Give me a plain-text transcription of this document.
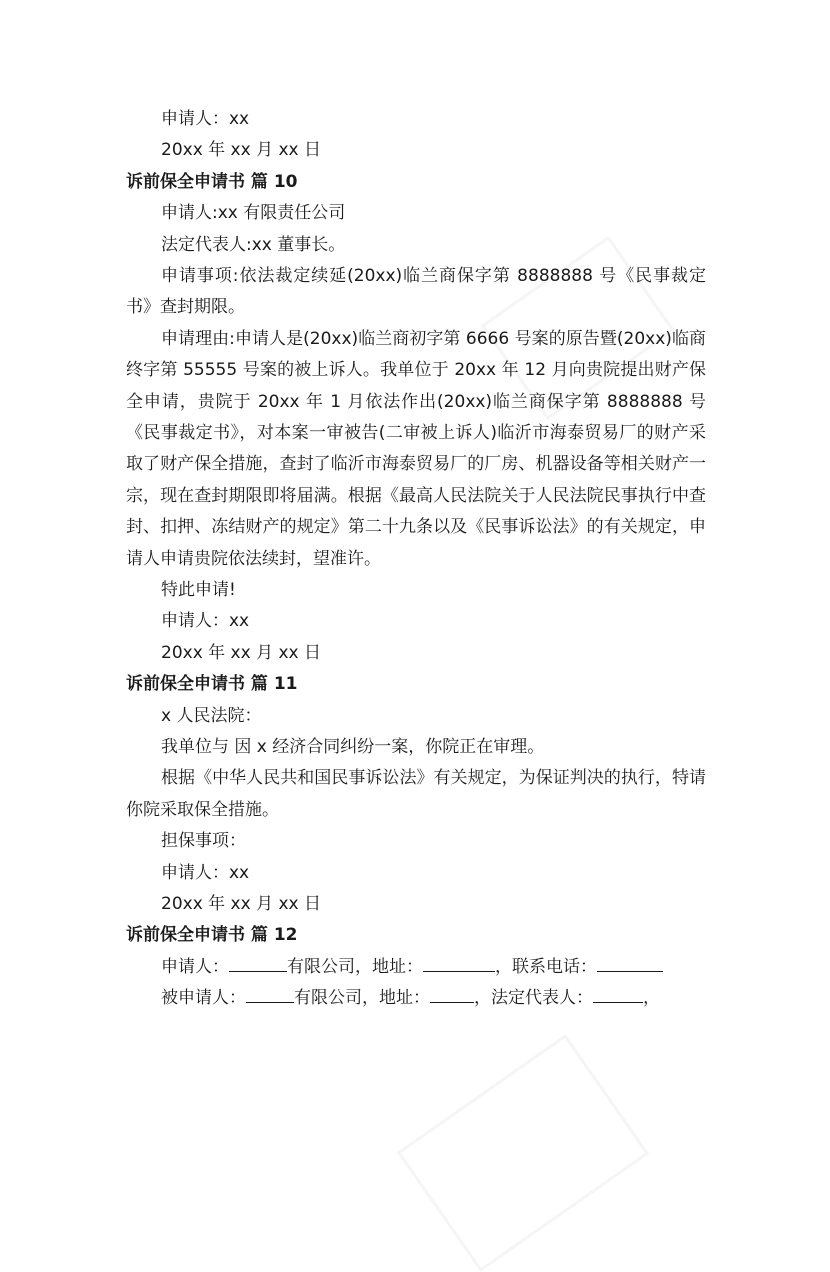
申请人：xx
20xx 年 xx 月 xx 日
诉前保全申请书 篇 10
申请人:xx 有限责任公司
法定代表人:xx 董事长。

申请事项:依法裁定续延(20xx)临兰商保字第 8888888 号《民事裁定书》查封期限。

申请理由:申请人是(20xx)临兰商初字第 6666 号案的原告暨(20xx)临商终字第 55555 号案的被上诉人。我单位于 20xx 年 12 月向贵院提出财产保全申请，贵院于 20xx 年 1 月依法作出(20xx)临兰商保字第 8888888 号《民事裁定书》，对本案一审被告(二审被上诉人)临沂市海泰贸易厂的财产采取了财产保全措施，查封了临沂市海泰贸易厂的厂房、机器设备等相关财产一宗，现在查封期限即将届满。根据《最高人民法院关于人民法院民事执行中查封、扣押、冻结财产的规定》第二十九条以及《民事诉讼法》的有关规定，申请人申请贵院依法续封，望准许。

特此申请!
申请人：xx
20xx 年 xx 月 xx 日
诉前保全申请书 篇 11
x 人民法院：
我单位与 因 x 经济合同纠纷一案，你院正在审理。

根据《中华人民共和国民事诉讼法》有关规定，为保证判决的执行，特请你院采取保全措施。

担保事项：
申请人：xx
20xx 年 xx 月 xx 日
诉前保全申请书 篇 12
申请人：	有限公司，地址：	，联系电话：
被申请人：	有限公司，地址：	，法定代表人：	，
